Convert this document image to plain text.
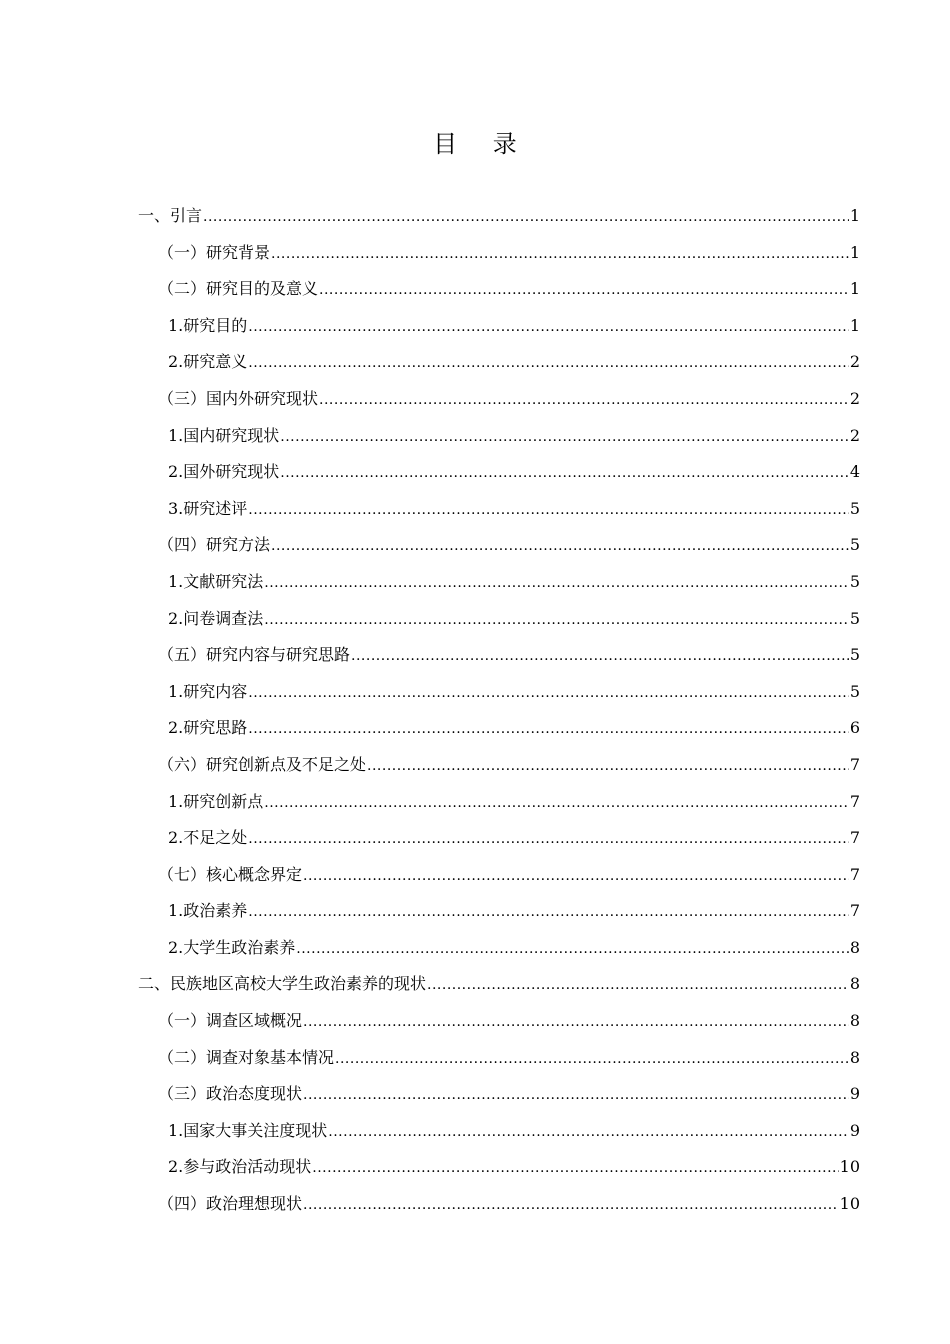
目 录
一、引言 .....	1
（一）研究背景 .....	1
（二）研究目的及意义 .....	1
1.研究目的 .....	1
2.研究意义 .....	2
（三）国内外研究现状 .....	2
1.国内研究现状 .....	2
2.国外研究现状 .....	4
3.研究述评 .....	5
（四）研究方法 .....	5
1.文献研究法 .....	5
2.问卷调查法 .....	5
（五）研究内容与研究思路 .....	5
1.研究内容 .....	5
2.研究思路 .....	6
（六）研究创新点及不足之处 .....	7
1.研究创新点 .....	7
2.不足之处 .....	7
（七）核心概念界定 .....	7
1.政治素养 .....	7
2.大学生政治素养 .....	8
二、民族地区高校大学生政治素养的现状 .....	8
（一）调查区域概况 .....	8
（二）调查对象基本情况 .....	8
（三）政治态度现状 .....	9
1.国家大事关注度现状 .....	9
2.参与政治活动现状 .....	10
（四）政治理想现状 .....	10
